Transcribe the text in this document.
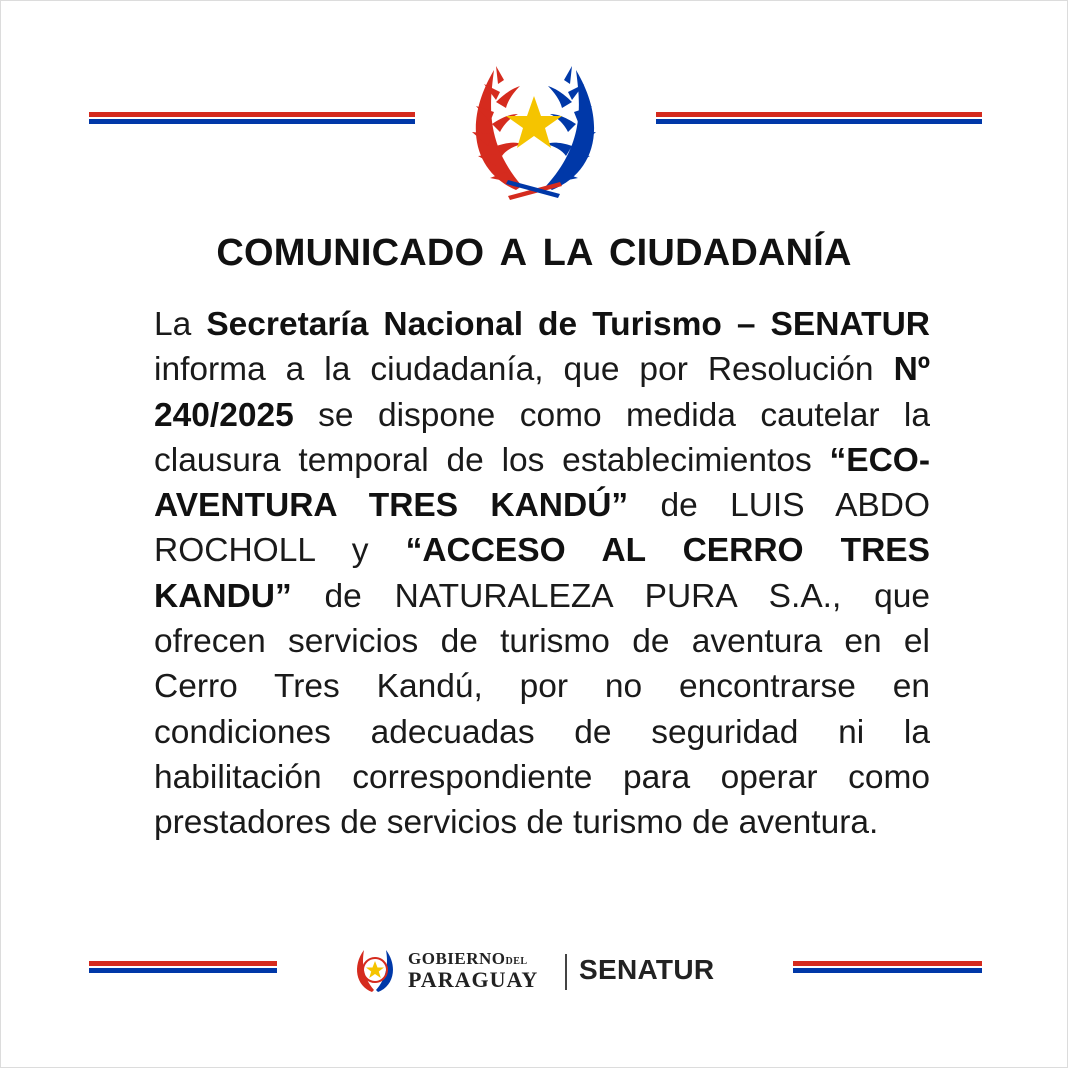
COMUNICADO A LA CIUDADANÍA

La Secretaría Nacional de Turismo – SENATUR informa a la ciudadanía, que por Resolución Nº 240/2025 se dispone como medida cautelar la clausura temporal de los establecimientos “ECO-AVENTURA TRES KANDÚ” de LUIS ABDO ROCHOLL y “ACCESO AL CERRO TRES KANDU” de NATURALEZA PURA S.A., que ofrecen servicios de turismo de aventura en el Cerro Tres Kandú, por no encontrarse en condiciones adecuadas de seguridad ni la habilitación correspondiente para operar como prestadores de servicios de turismo de aventura.

GOBIERNODEL
PARAGUAY SENATUR
